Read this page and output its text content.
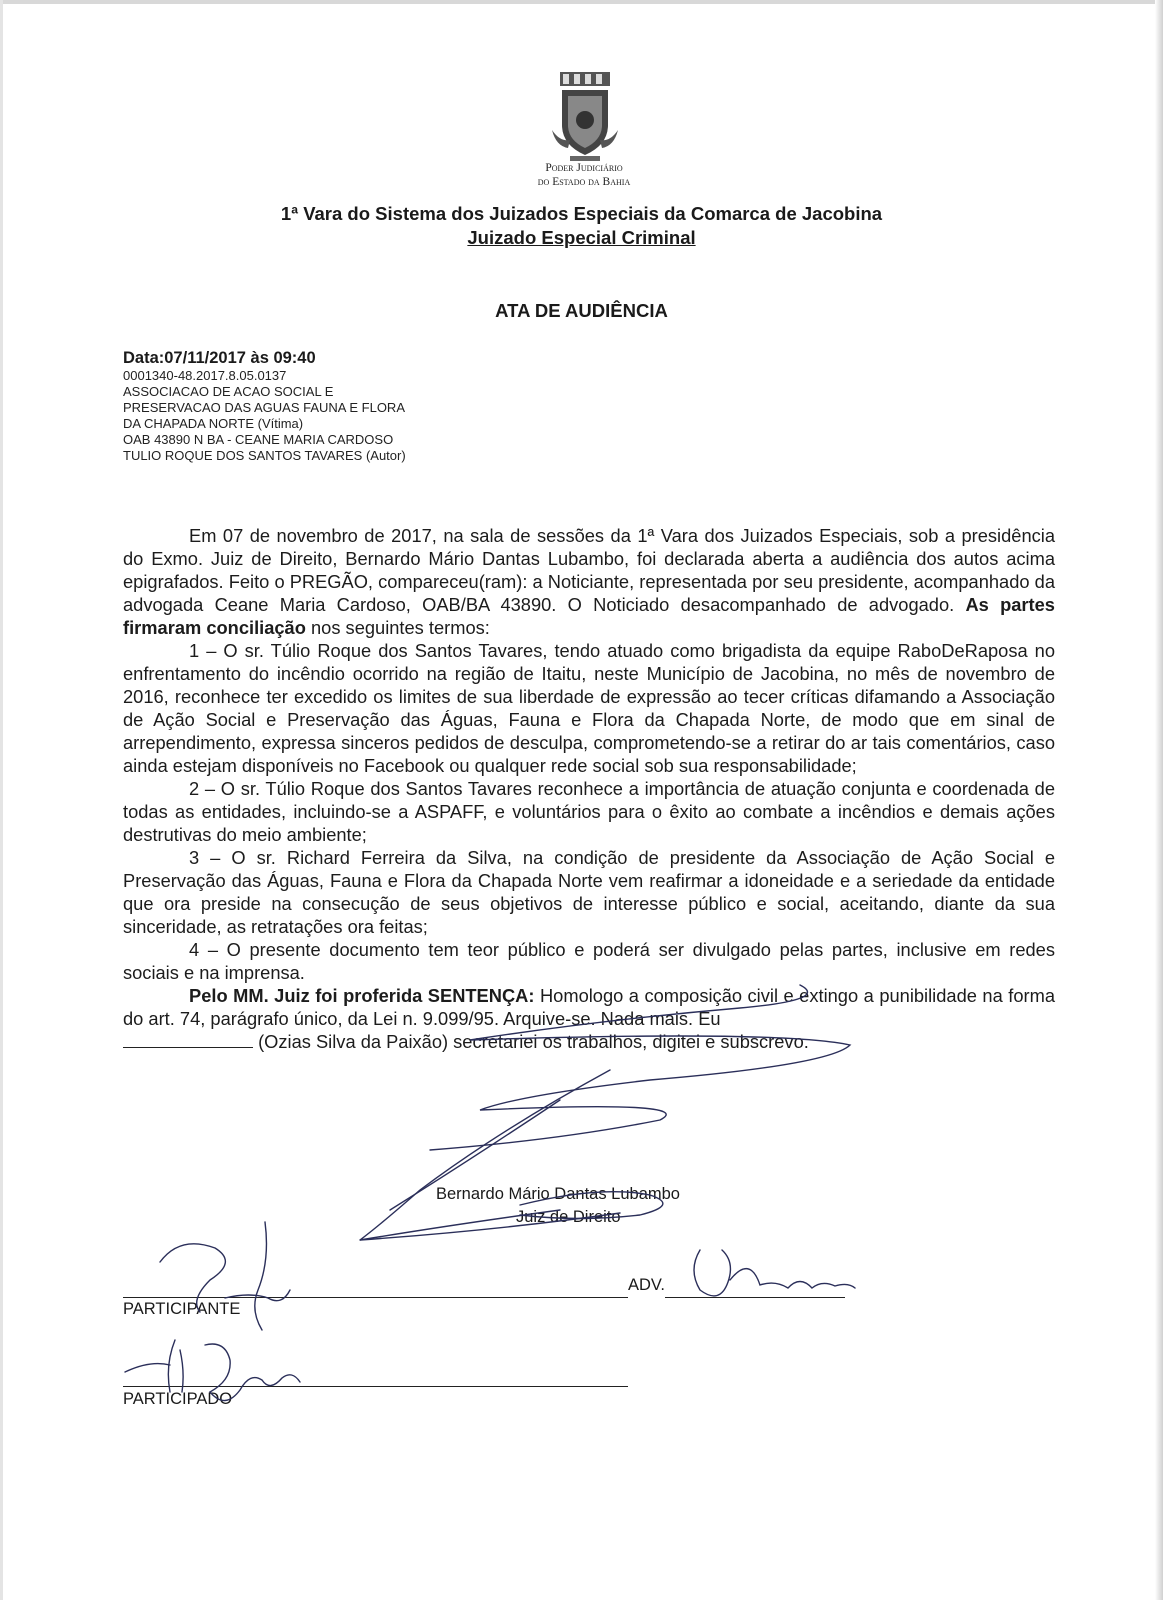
Poder Judiciário
do Estado da Bahia
1ª Vara do Sistema dos Juizados Especiais da Comarca de Jacobina
Juizado Especial Criminal
ATA DE AUDIÊNCIA
Data:07/11/2017 às 09:40
0001340-48.2017.8.05.0137
ASSOCIACAO DE ACAO SOCIAL E
PRESERVACAO DAS AGUAS FAUNA E FLORA
DA CHAPADA NORTE (Vítima)
OAB 43890 N BA - CEANE MARIA CARDOSO
TULIO ROQUE DOS SANTOS TAVARES (Autor)

Em 07 de novembro de 2017, na sala de sessões da 1ª Vara dos Juizados Especiais, sob a presidência do Exmo. Juiz de Direito, Bernardo Mário Dantas Lubambo, foi declarada aberta a audiência dos autos acima epigrafados. Feito o PREGÃO, compareceu(ram): a Noticiante, representada por seu presidente, acompanhado da advogada Ceane Maria Cardoso, OAB/BA 43890. O Noticiado desacompanhado de advogado. As partes firmaram conciliação nos seguintes termos:

1 – O sr. Túlio Roque dos Santos Tavares, tendo atuado como brigadista da equipe RaboDeRaposa no enfrentamento do incêndio ocorrido na região de Itaitu, neste Município de Jacobina, no mês de novembro de 2016, reconhece ter excedido os limites de sua liberdade de expressão ao tecer críticas difamando a Associação de Ação Social e Preservação das Águas, Fauna e Flora da Chapada Norte, de modo que em sinal de arrependimento, expressa sinceros pedidos de desculpa, comprometendo-se a retirar do ar tais comentários, caso ainda estejam disponíveis no Facebook ou qualquer rede social sob sua responsabilidade;

2 – O sr. Túlio Roque dos Santos Tavares reconhece a importância de atuação conjunta e coordenada de todas as entidades, incluindo-se a ASPAFF, e voluntários para o êxito ao combate a incêndios e demais ações destrutivas do meio ambiente;

3 – O sr. Richard Ferreira da Silva, na condição de presidente da Associação de Ação Social e Preservação das Águas, Fauna e Flora da Chapada Norte vem reafirmar a idoneidade e a seriedade da entidade que ora preside na consecução de seus objetivos de interesse público e social, aceitando, diante da sua sinceridade, as retratações ora feitas;

4 – O presente documento tem teor público e poderá ser divulgado pelas partes, inclusive em redes sociais e na imprensa.

Pelo MM. Juiz foi proferida SENTENÇA: Homologo a composição civil e extingo a punibilidade na forma do art. 74, parágrafo único, da Lei n. 9.099/95. Arquive-se. Nada mais. Eu

(Ozias Silva da Paixão) secretariei os trabalhos, digitei e subscrevo.

Bernardo Mário Dantas Lubambo
Juiz de Direito
PARTICIPANTE
ADV.
PARTICIPADO
